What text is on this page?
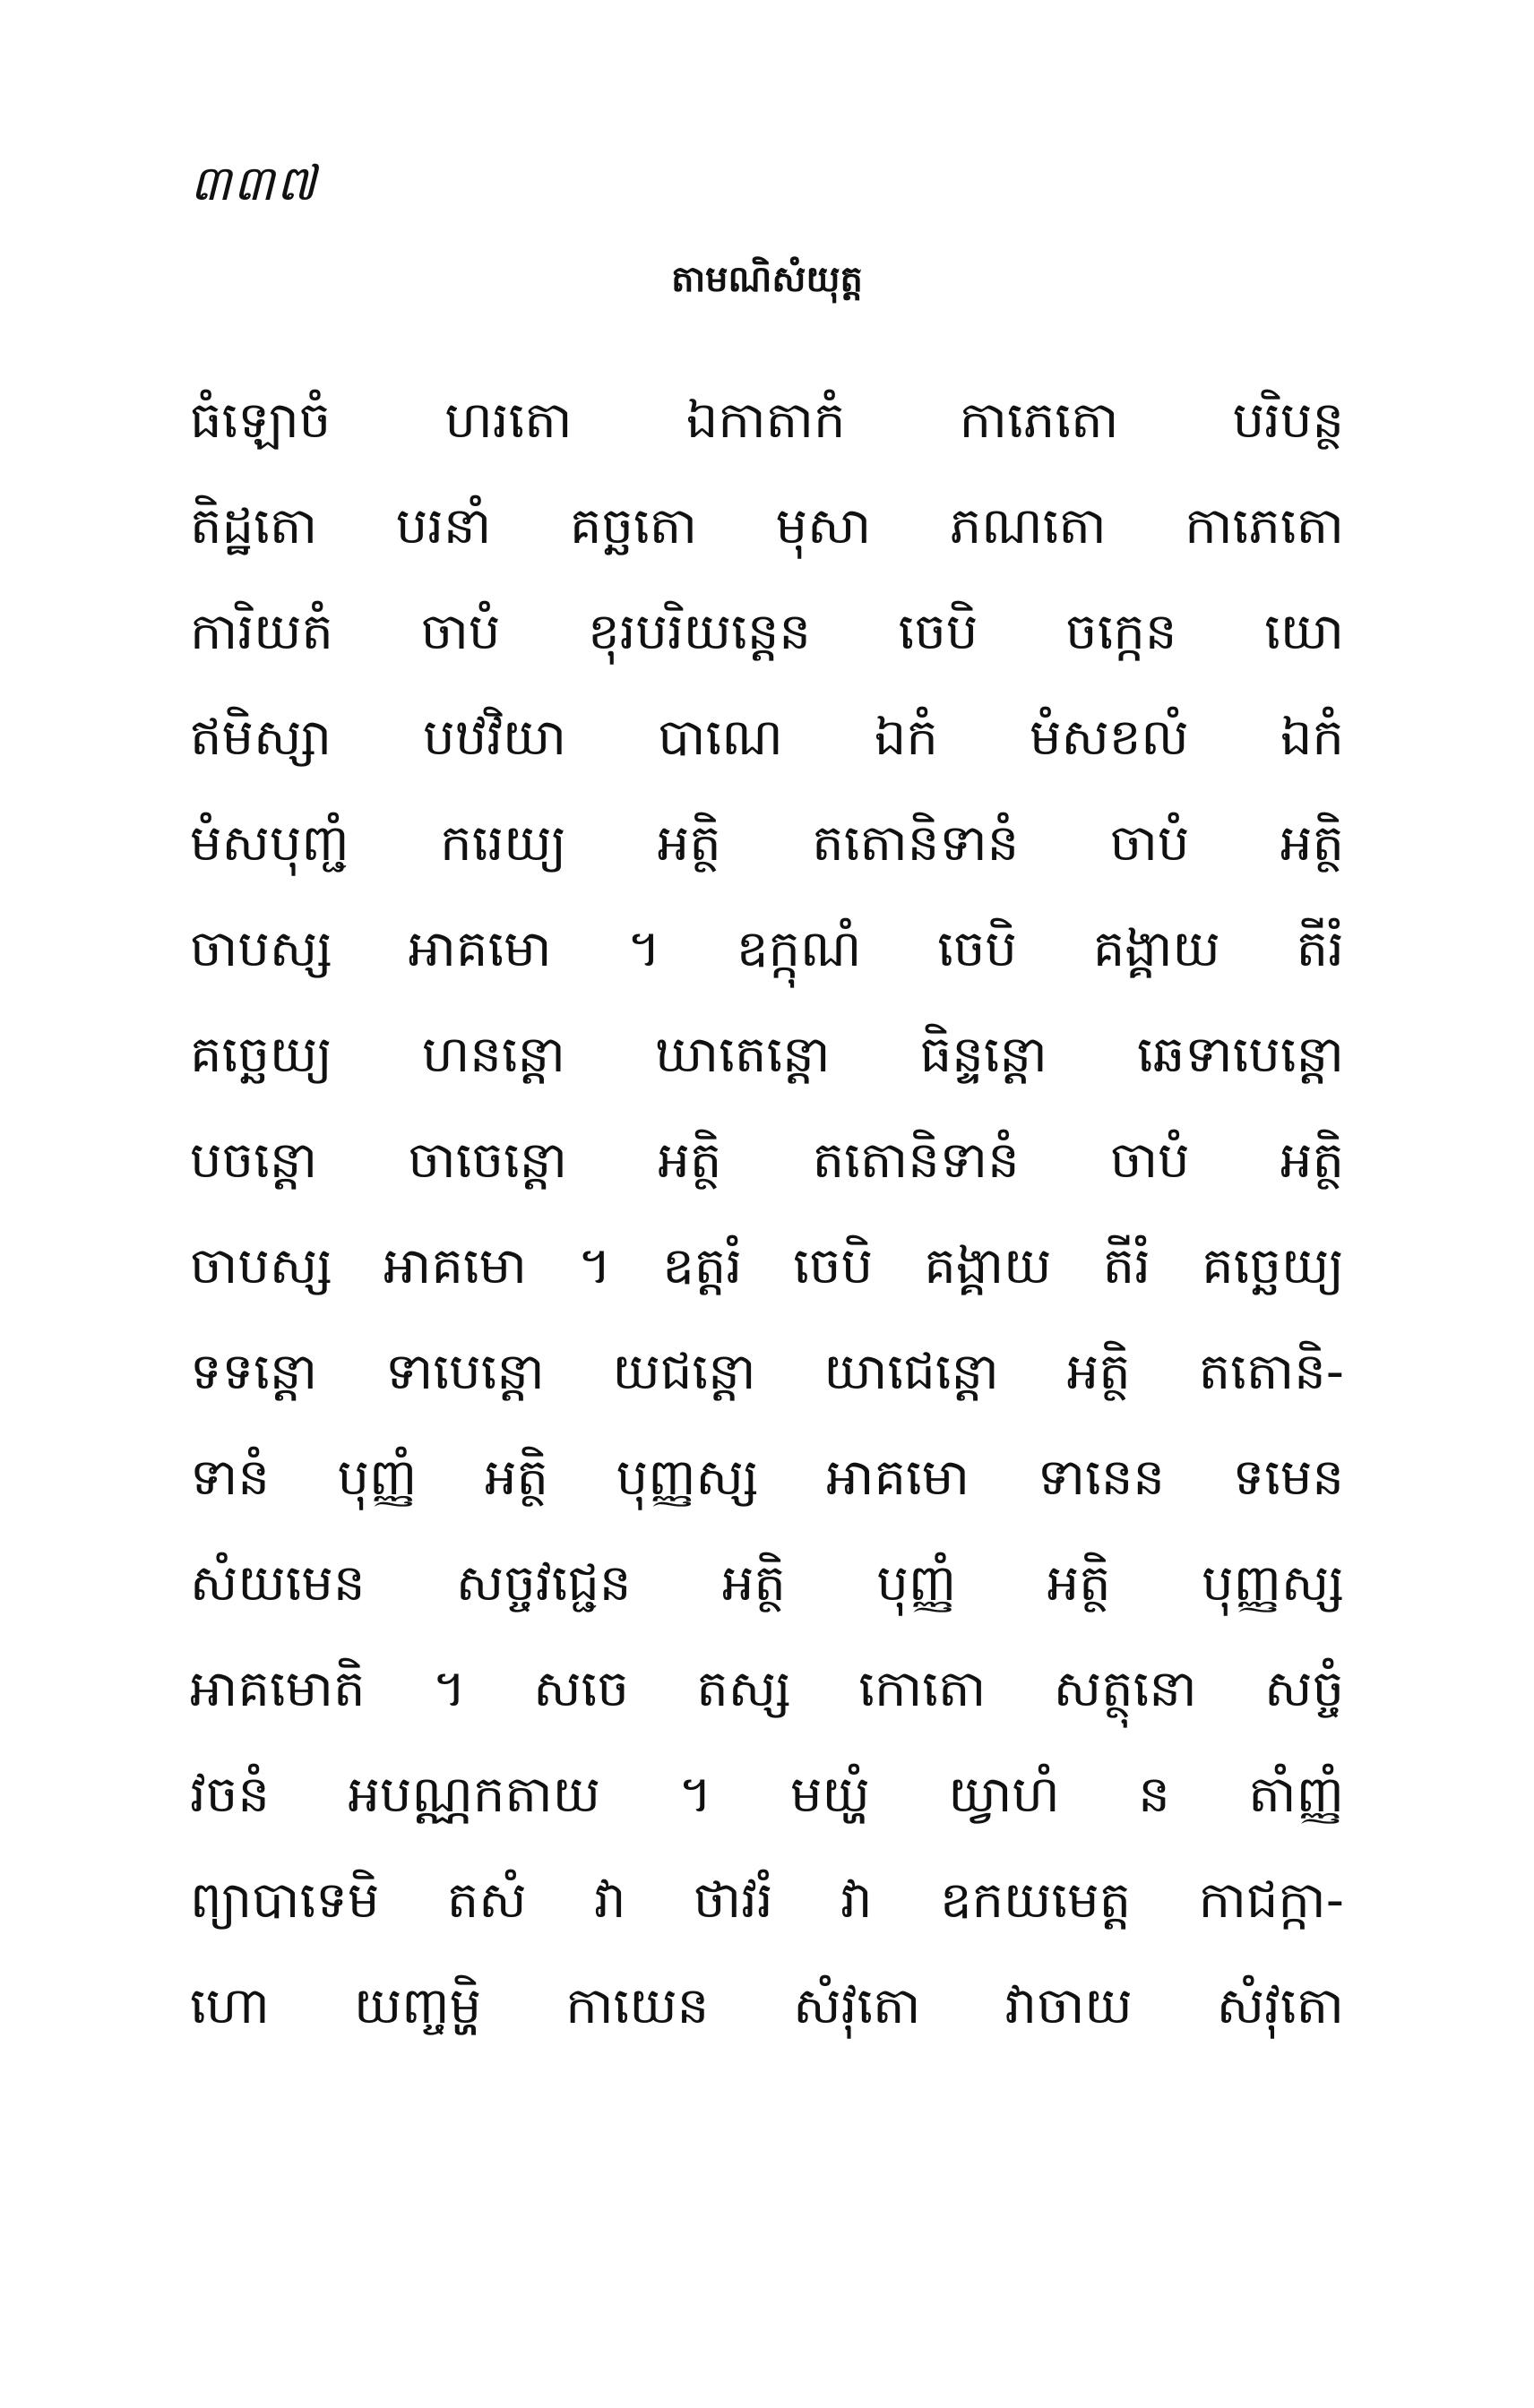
៣៣៧
តាមណិសំយុត្ត
ធំឡោចំ ហរតោ ឯកាតាកំ កាភេតោ បរិបន្ថ
តិដ្ឋតោ បរនាំ គច្ឆតោ មុសា ភណតោ កាភេតោ
ការិយតំ ចាបំ ខុរបរិយន្តេន ចេបិ ចក្កេន យោ
ឥមិស្សា បឋវិយា បាណេ ឯកំ មំសខលំ ឯកំ
មំសបុញ្ជំ ករេយ្យ អត្ថិ តតោនិទានំ ចាបំ អត្ថិ
ចាបស្ស អាគមោ ។ ឧក្កុណំ ចេបិ គង្គាយ តីរំ
គច្ឆេយ្យ ហនន្តោ ឃាតេន្តោ ធិន្ទន្តោ ឆេទាបេន្តោ
បចន្តោ ចាចេន្តោ អត្ថិ តតោនិទានំ ចាបំ អត្ថិ
ចាបស្ស អាគមោ ។ ឧត្តរំ ចេបិ គង្គាយ តីរំ គច្ឆេយ្យ
ទទន្តោ ទាបេន្តោ យជន្តោ យាជេន្តោ អត្ថិ តតោនិ-
ទានំ បុញ្ញំ អត្ថិ បុញ្ញស្ស អាគមោ ទានេន ទមេន
សំយមេន សច្ចវជ្ជេន អត្ថិ បុញ្ញំ អត្ថិ បុញ្ញស្ស
អាគមោតិ ។ សចេ តស្ស កោតោ សត្ថុនោ សច្ចំ
វចនំ អបណ្ណកតាយ ។ មយ្ហំ យ្វាហំ ន តាំញ្ញំ
ព្យាបាទេមិ តសំ វា ថាវរំ វា ឧកយមេត្ត កាជក្កា-
ហោ យញ្ចម្ហិ កាយេន សំវុតោ វាចាយ សំវុតោ
